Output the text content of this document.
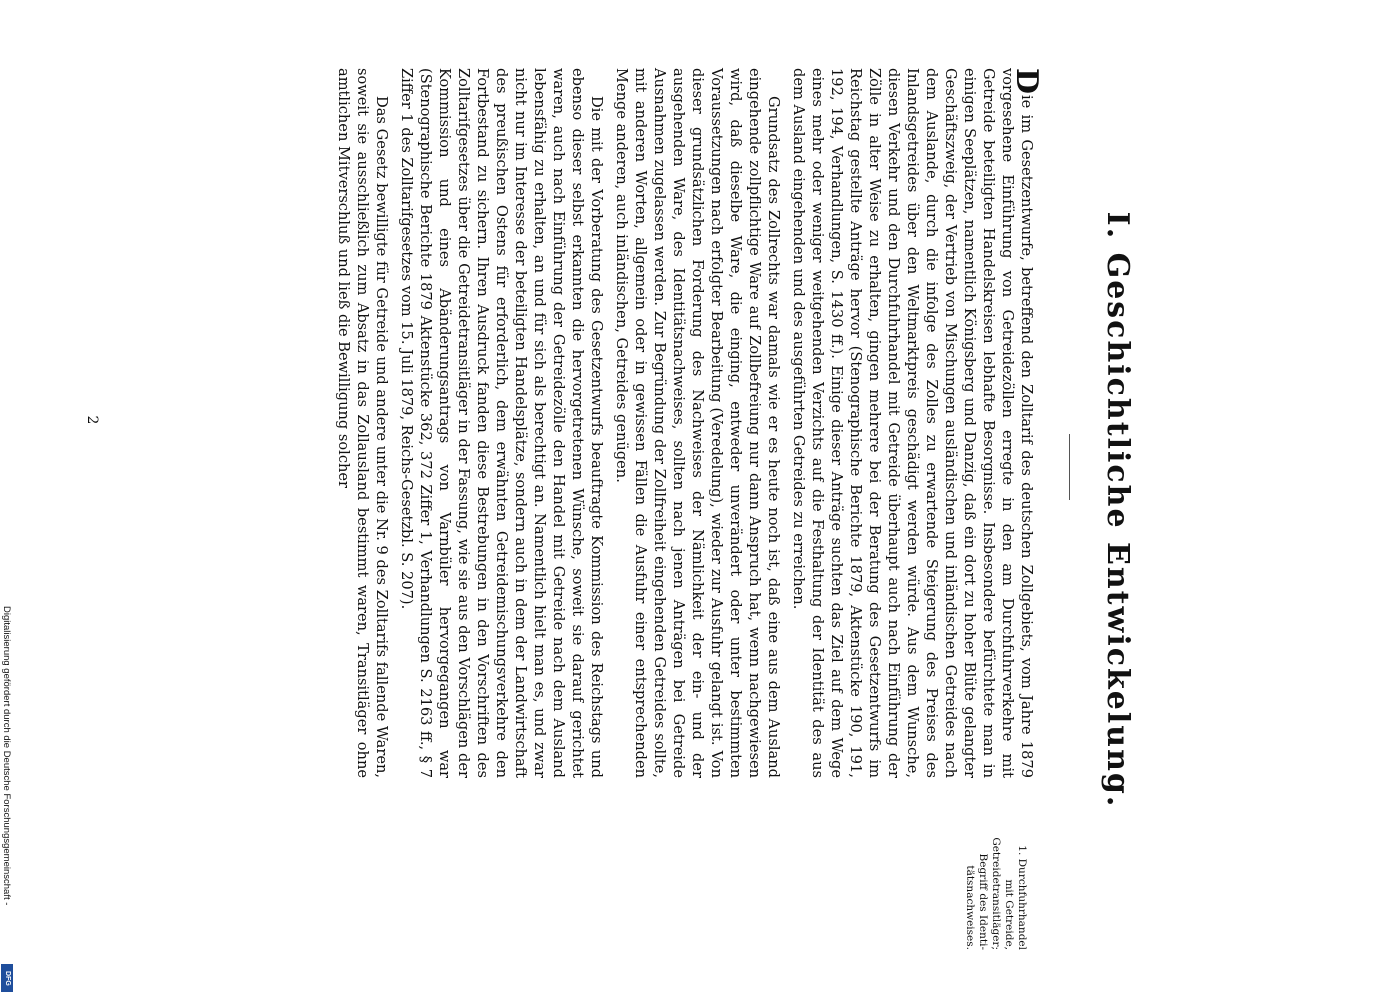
I. Geschichtliche Entwickelung.
1. Durchfuhrhandel
mit Getreide,
Getreidetransitläger;
Begriff des Identi-
tätsnachweises.

Die im Gesetzentwurfe, betreffend den Zolltarif des deutschen Zollgebiets, vom Jahre 1879 vorgesehene Einführung von Getreidezöllen erregte in den am Durchfuhrverkehre mit Getreide beteiligten Handelskreisen lebhafte Besorgnisse. Insbesondere befürchtete man in einigen Seeplätzen, namentlich Königsberg und Danzig, daß ein dort zu hoher Blüte gelangter Geschäftszweig, der Vertrieb von Mischungen ausländischen und inländischen Getreides nach dem Auslande, durch die infolge des Zolles zu erwartende Steigerung des Preises des Inlandsgetreides über den Weltmarktpreis geschädigt werden würde. Aus dem Wunsche, diesen Verkehr und den Durchfuhrhandel mit Getreide überhaupt auch nach Einführung der Zölle in alter Weise zu erhalten, gingen mehrere bei der Beratung des Gesetzentwurfs im Reichstag gestellte Anträge hervor (Stenographische Berichte 1879, Aktenstücke 190, 191, 192, 194, Verhandlungen, S. 1430 ff.). Einige dieser Anträge suchten das Ziel auf dem Wege eines mehr oder weniger weitgehenden Verzichts auf die Festhaltung der Identität des aus dem Ausland eingehenden und des ausgeführten Getreides zu erreichen.

Grundsatz des Zollrechts war damals wie er es heute noch ist, daß eine aus dem Ausland eingehende zollpflichtige Ware auf Zollbefreiung nur dann Anspruch hat, wenn nachgewiesen wird, daß dieselbe Ware, die einging, entweder unverändert oder unter bestimmten Voraussetzungen nach erfolgter Bearbeitung (Veredelung), wieder zur Ausfuhr gelangt ist. Von dieser grundsätzlichen Forderung des Nachweises der Nämlichkeit der ein- und der ausgehenden Ware, des Identitätsnachweises, sollten nach jenen Anträgen bei Getreide Ausnahmen zugelassen werden. Zur Begründung der Zollfreiheit eingehenden Getreides sollte, mit anderen Worten, allgemein oder in gewissen Fällen die Ausfuhr einer entsprechenden Menge anderen, auch inländischen, Getreides genügen.

Die mit der Vorberatung des Gesetzentwurfs beauftragte Kommission des Reichstags und ebenso dieser selbst erkannten die hervorgetretenen Wünsche, soweit sie darauf gerichtet waren, auch nach Einführung der Getreidezölle den Handel mit Getreide nach dem Ausland lebensfähig zu erhalten, an und für sich als berechtigt an. Namentlich hielt man es, und zwar nicht nur im Interesse der beteiligten Handelsplätze, sondern auch in dem der Landwirtschaft des preußischen Ostens für erforderlich, dem erwähnten Getreidemischungsverkehre den Fortbestand zu sichern. Ihren Ausdruck fanden diese Bestrebungen in den Vorschriften des Zolltarifgesetzes über die Getreidetransitläger in der Fassung, wie sie aus den Vorschlägen der Kommission und eines Abänderungsantrags von Varnbüler hervorgegangen war (Stenographische Berichte 1879 Aktenstücke 362, 372 Ziffer 1, Verhandlungen S. 2163 ff., § 7 Ziffer 1 des Zolltarifgesetzes vom 15. Juli 1879, Reichs-Gesetzbl. S. 207).

Das Gesetz bewilligte für Getreide und andere unter die Nr. 9 des Zolltarifs fallende Waren, soweit sie ausschließlich zum Absatz in das Zollausland bestimmt waren, Transitläger ohne amtlichen Mitverschluß und ließ die Bewilligung solcher

2
Digitalisierung gefördert durch die Deutsche Forschungsgemeinschaft -
DFG
